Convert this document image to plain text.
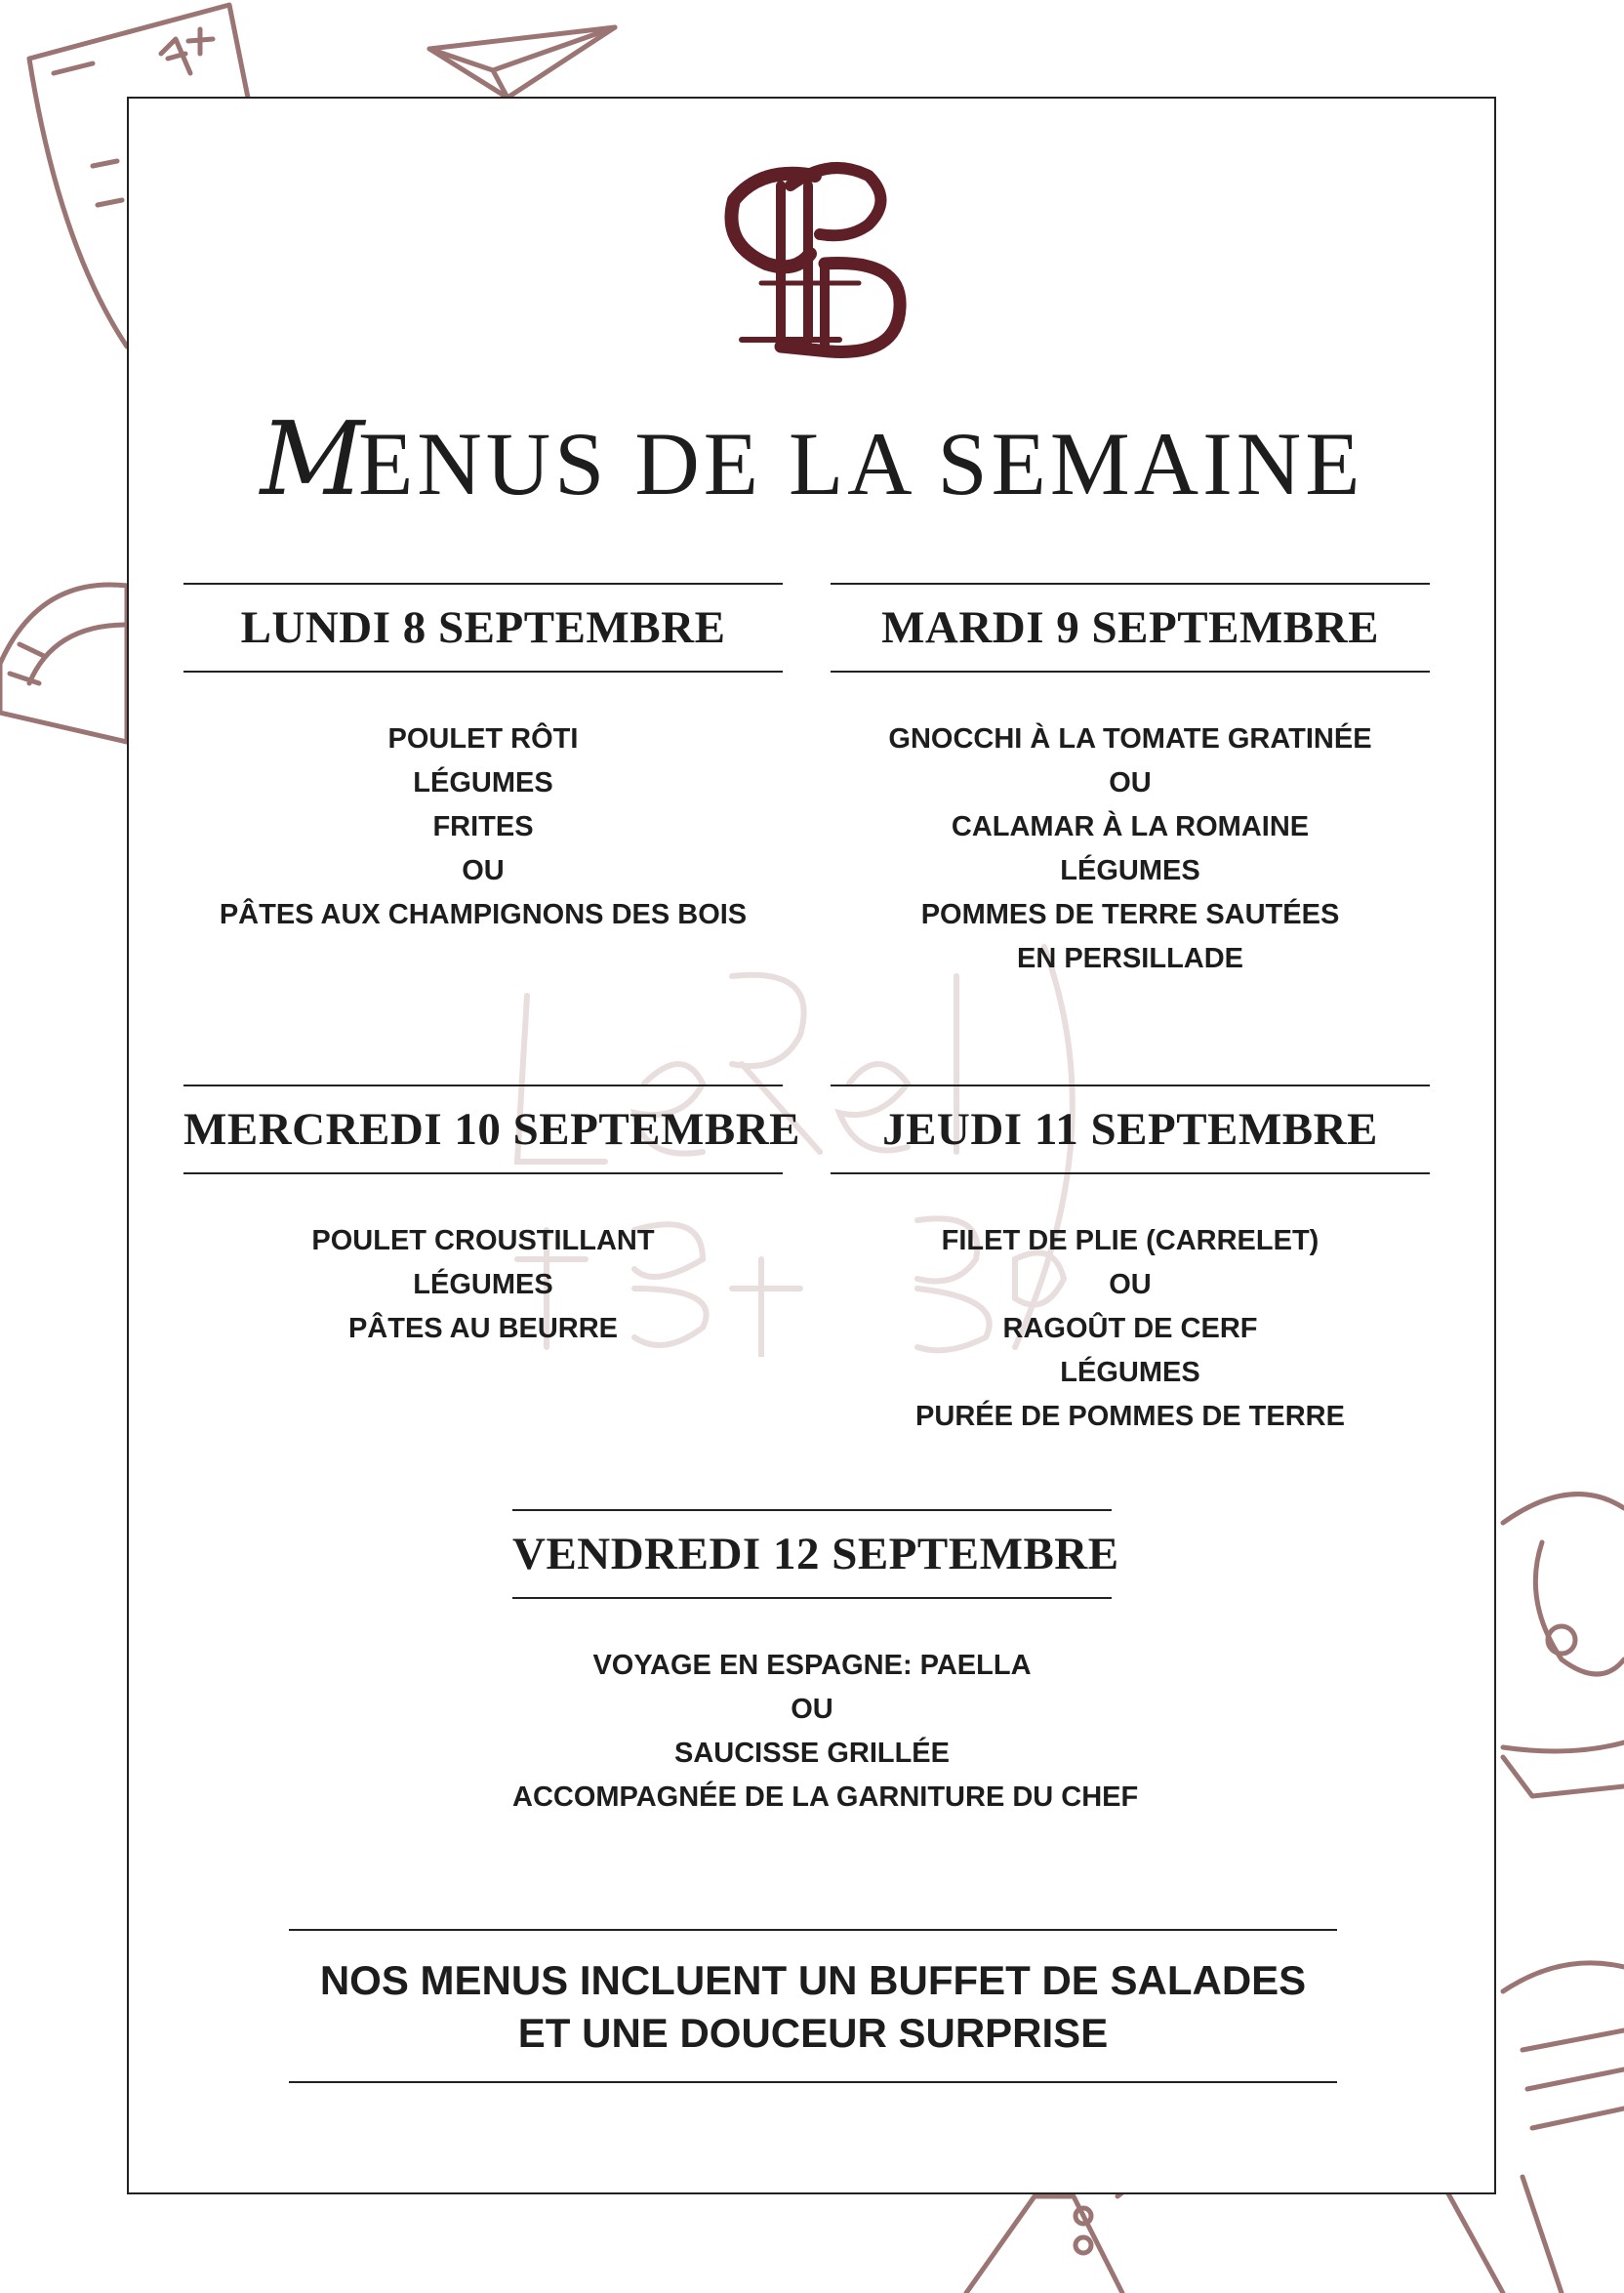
MENUS DE LA SEMAINE
LUNDI 8 SEPTEMBRE
POULET RÔTI
LÉGUMES
FRITES
OU
PÂTES AUX CHAMPIGNONS DES BOIS
MARDI 9 SEPTEMBRE
GNOCCHI À LA TOMATE GRATINÉE
OU
CALAMAR À LA ROMAINE
LÉGUMES
POMMES DE TERRE SAUTÉES
EN PERSILLADE
MERCREDI 10 SEPTEMBRE
POULET CROUSTILLANT
LÉGUMES
PÂTES AU BEURRE
JEUDI 11 SEPTEMBRE
FILET DE PLIE (CARRELET)
OU
RAGOÛT DE CERF
LÉGUMES
PURÉE DE POMMES DE TERRE
VENDREDI 12 SEPTEMBRE
VOYAGE EN ESPAGNE: PAELLA
OU
SAUCISSE GRILLÉE
ACCOMPAGNÉE DE LA GARNITURE DU CHEF
NOS MENUS INCLUENT UN BUFFET DE SALADES
ET UNE DOUCEUR SURPRISE
